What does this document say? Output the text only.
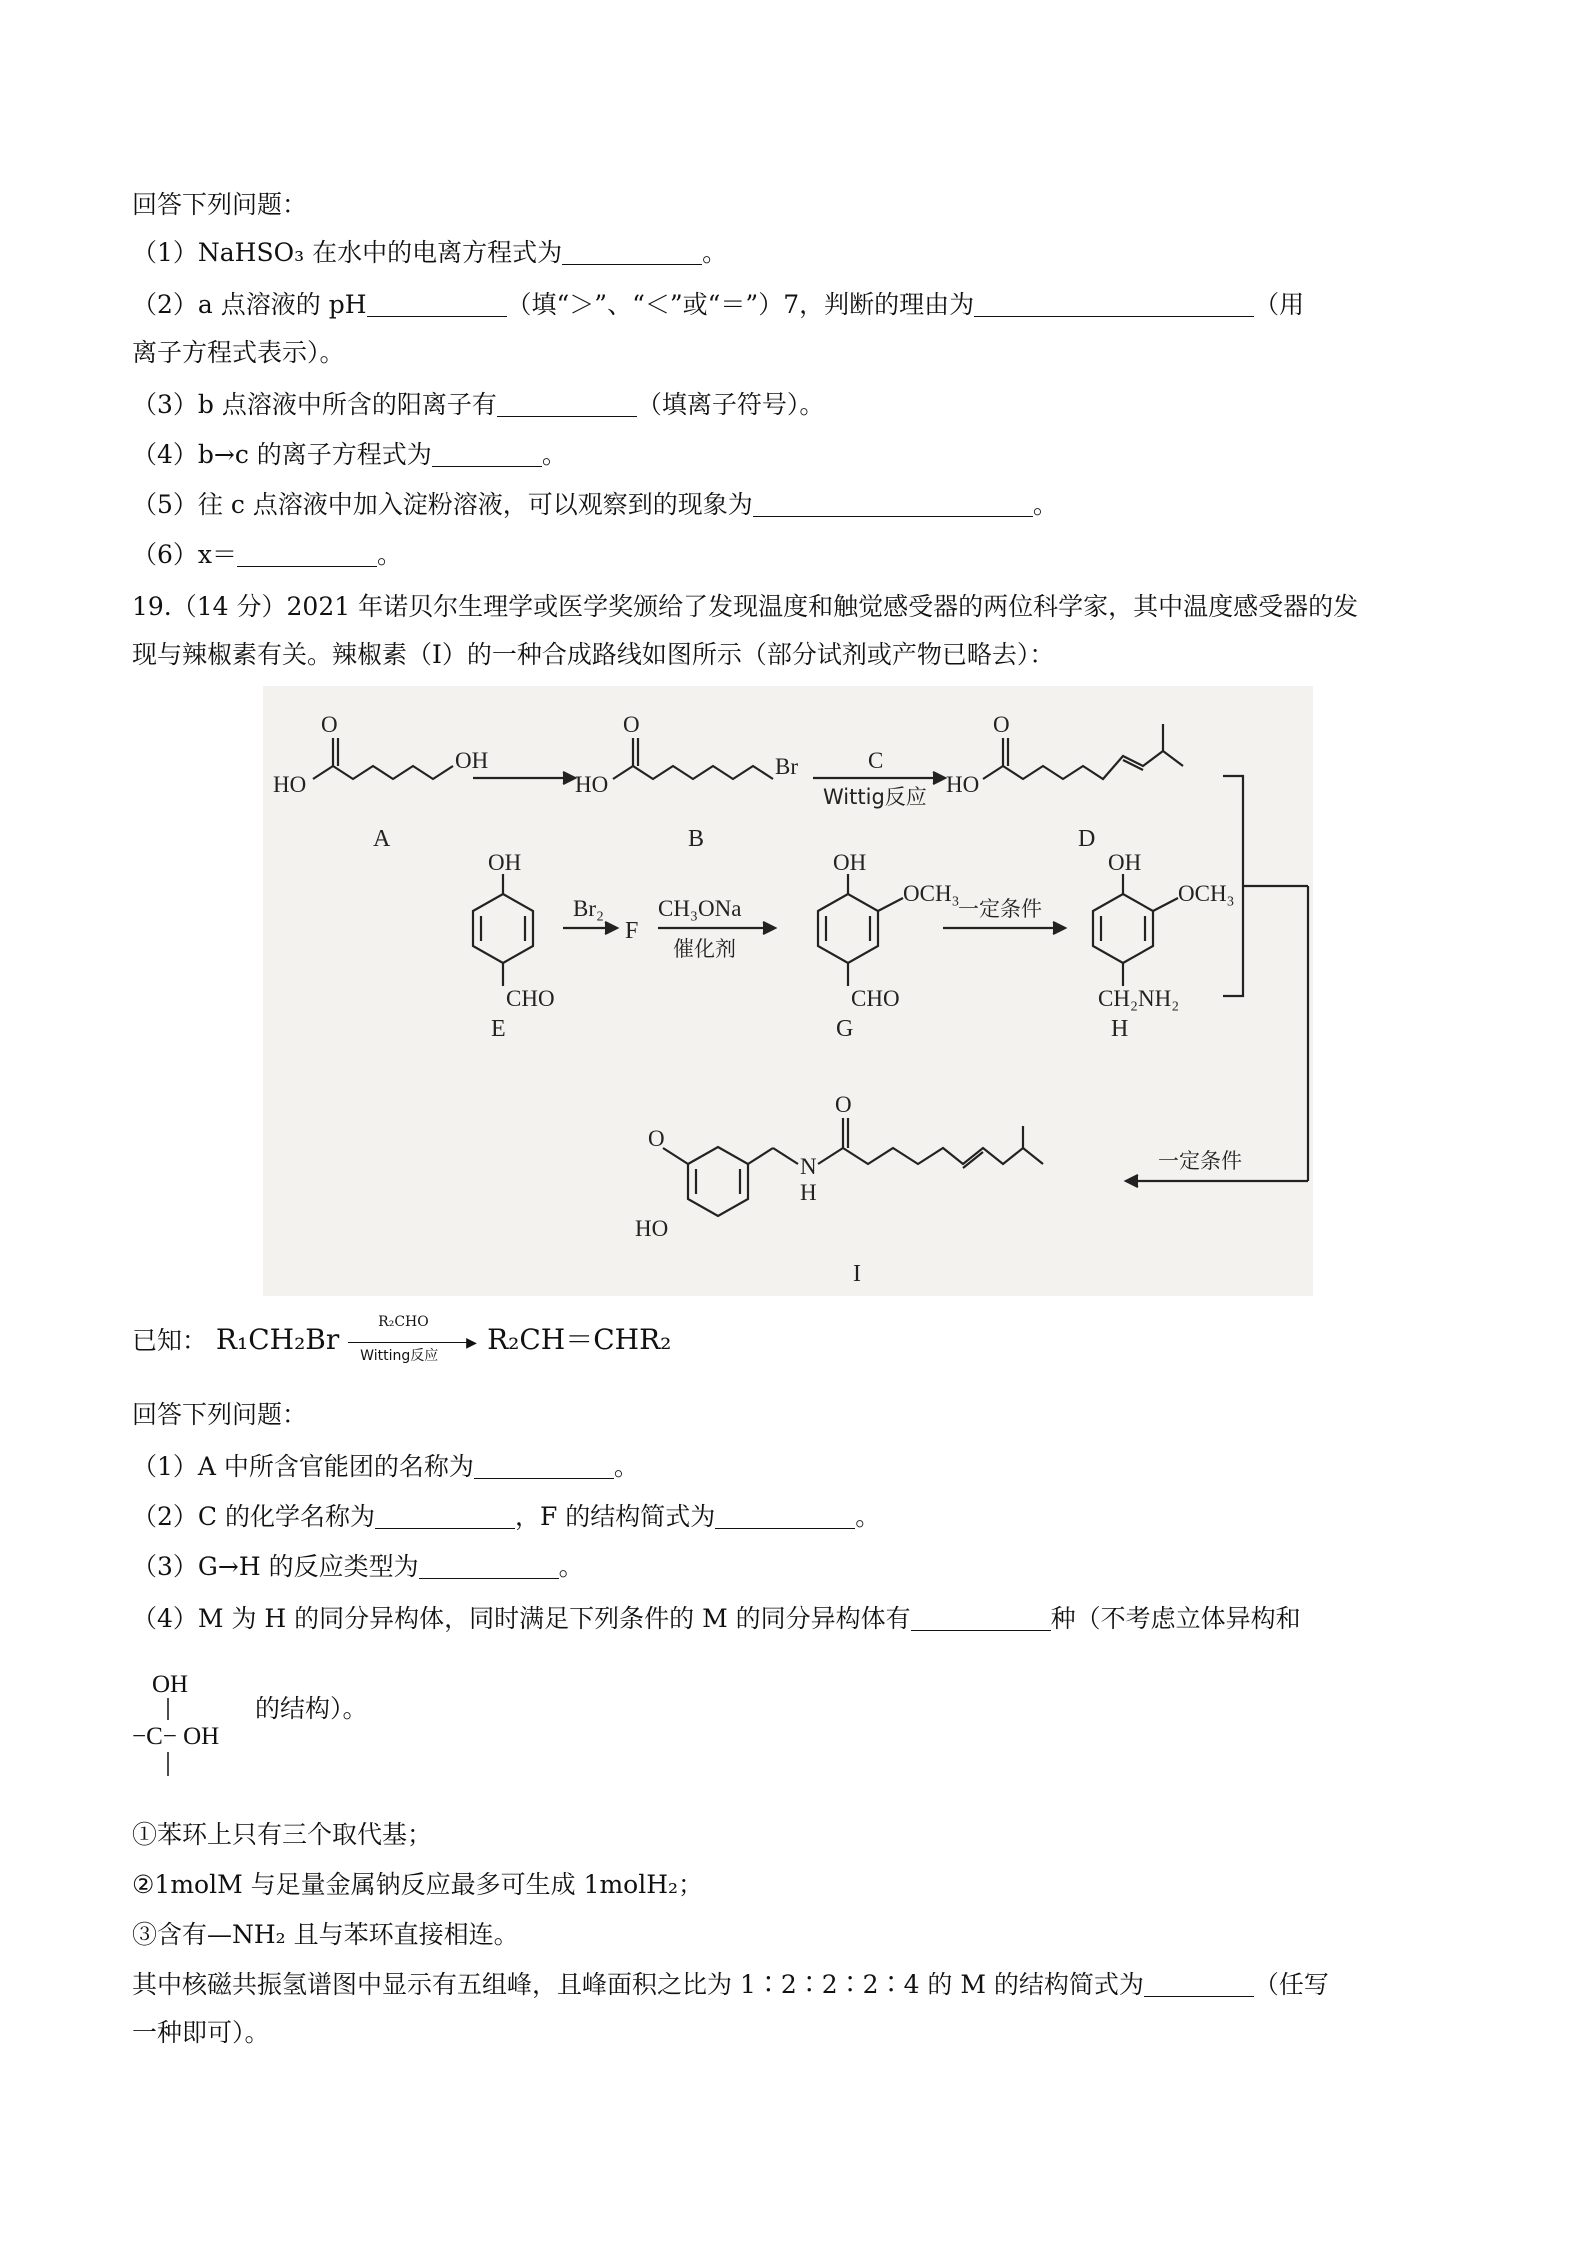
回答下列问题：
（1）NaHSO₃ 在水中的电离方程式为	。
（2）a 点溶液的 pH	（填“＞”、“＜”或“＝”）7，判断的理由为	（用
离子方程式表示）。
（3）b 点溶液中所含的阳离子有	（填离子符号）。
（4）b→c 的离子方程式为	。
（5）往 c 点溶液中加入淀粉溶液，可以观察到的现象为	。
（6）x＝	。
19.（14 分）2021 年诺贝尔生理学或医学奖颁给了发现温度和触觉感受器的两位科学家，其中温度感受器的发
现与辣椒素有关。辣椒素（I）的一种合成路线如图所示（部分试剂或产物已略去）：
回答下列问题：
（1）A 中所含官能团的名称为	。
（2）C 的化学名称为	，F 的结构简式为	。
（3）G→H 的反应类型为	。
（4）M 为 H 的同分异构体，同时满足下列条件的 M 的同分异构体有	种（不考虑立体异构和
①苯环上只有三个取代基；
②1molM 与足量金属钠反应最多可生成 1molH₂；
③含有—NH₂ 且与苯环直接相连。
其中核磁共振氢谱图中显示有五组峰，且峰面积之比为 1∶2∶2∶2∶4 的 M 的结构简式为	（任写
一种即可）。
HO
O
OH
A
HO
O
Br
B
C
Wittig反应 HO
O
D
OH
CHO
E
Br₂
F
CH₃ONa
催化剂
OH
OCH₃
CHO
G
一定条件
OH
OCH₃
CH₂NH₂
H
O
HO
N
H
O
I
一定条件
已知： R₁CH₂Br
R₂CHO
▶
Witting反应 R₂CH＝CHR₂
OH
−C− OH
的结构）。
